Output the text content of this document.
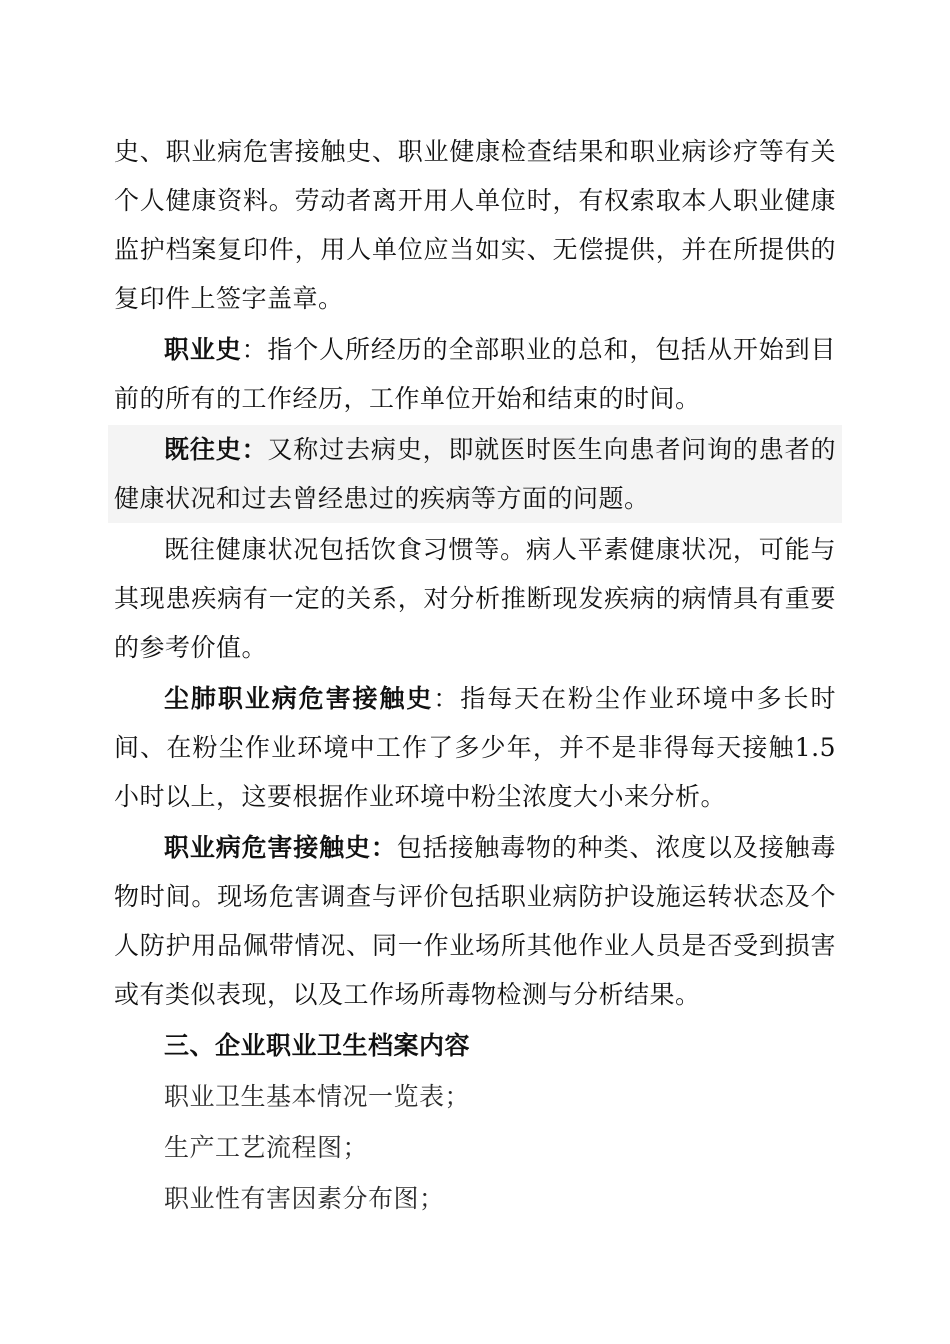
史、职业病危害接触史、职业健康检查结果和职业病诊疗等有关个人健康资料。劳动者离开用人单位时，有权索取本人职业健康监护档案复印件，用人单位应当如实、无偿提供，并在所提供的复印件上签字盖章。

职业史：指个人所经历的全部职业的总和，包括从开始到目前的所有的工作经历，工作单位开始和结束的时间。

既往史：又称过去病史，即就医时医生向患者问询的患者的健康状况和过去曾经患过的疾病等方面的问题。

既往健康状况包括饮食习惯等。病人平素健康状况，可能与其现患疾病有一定的关系，对分析推断现发疾病的病情具有重要的参考价值。

尘肺职业病危害接触史：指每天在粉尘作业环境中多长时间、在粉尘作业环境中工作了多少年，并不是非得每天接触1.5小时以上，这要根据作业环境中粉尘浓度大小来分析。

职业病危害接触史：包括接触毒物的种类、浓度以及接触毒物时间。现场危害调查与评价包括职业病防护设施运转状态及个人防护用品佩带情况、同一作业场所其他作业人员是否受到损害或有类似表现，以及工作场所毒物检测与分析结果。

三、企业职业卫生档案内容

职业卫生基本情况一览表；

生产工艺流程图；

职业性有害因素分布图；
